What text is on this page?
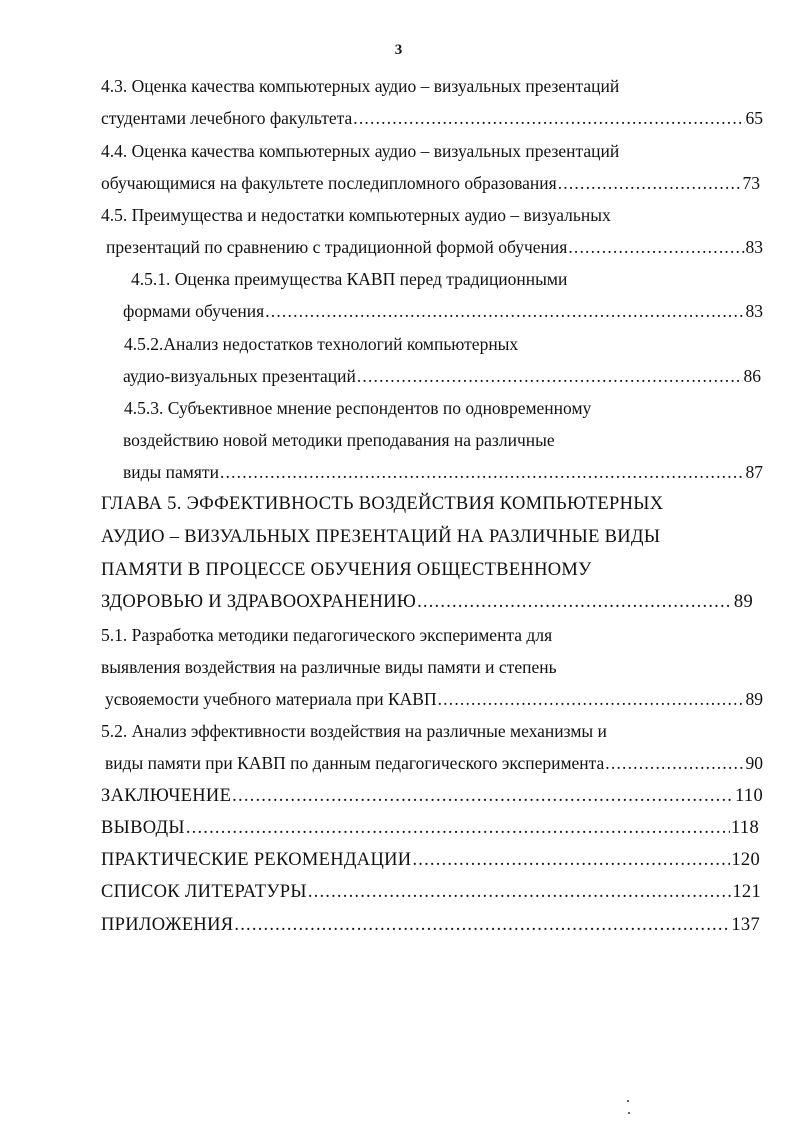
3
4.3. Оценка качества компьютерных аудио – визуальных презентаций
студентами лечебного факультета .....	65
4.4. Оценка качества компьютерных аудио – визуальных презентаций
обучающимися на факультете последипломного образования .....	73
4.5. Преимущества и недостатки компьютерных аудио – визуальных
презентаций по сравнению с традиционной формой обучения .....	83
4.5.1. Оценка преимущества КАВП перед традиционными
формами обучения .....	83
4.5.2.Анализ недостатков технологий компьютерных
аудио-визуальных презентаций .....	86
4.5.3. Субъективное мнение респондентов по одновременному
воздействию новой методики преподавания на различные
виды памяти .....	87
ГЛАВА 5. ЭФФЕКТИВНОСТЬ ВОЗДЕЙСТВИЯ КОМПЬЮТЕРНЫХ
АУДИО – ВИЗУАЛЬНЫХ ПРЕЗЕНТАЦИЙ НА РАЗЛИЧНЫЕ ВИДЫ
ПАМЯТИ В ПРОЦЕССЕ ОБУЧЕНИЯ ОБЩЕСТВЕННОМУ
ЗДОРОВЬЮ И ЗДРАВООХРАНЕНИЮ .....	89
5.1. Разработка методики педагогического эксперимента для
выявления воздействия на различные виды памяти и степень
усвояемости учебного материала при КАВП .....	89
5.2. Анализ эффективности воздействия на различные механизмы и
виды памяти при КАВП по данным педагогического эксперимента .....	90
ЗАКЛЮЧЕНИЕ .....	110
ВЫВОДЫ .....	118
ПРАКТИЧЕСКИЕ РЕКОМЕНДАЦИИ .....	120
СПИСОК ЛИТЕРАТУРЫ .....	121
ПРИЛОЖЕНИЯ .....	137
